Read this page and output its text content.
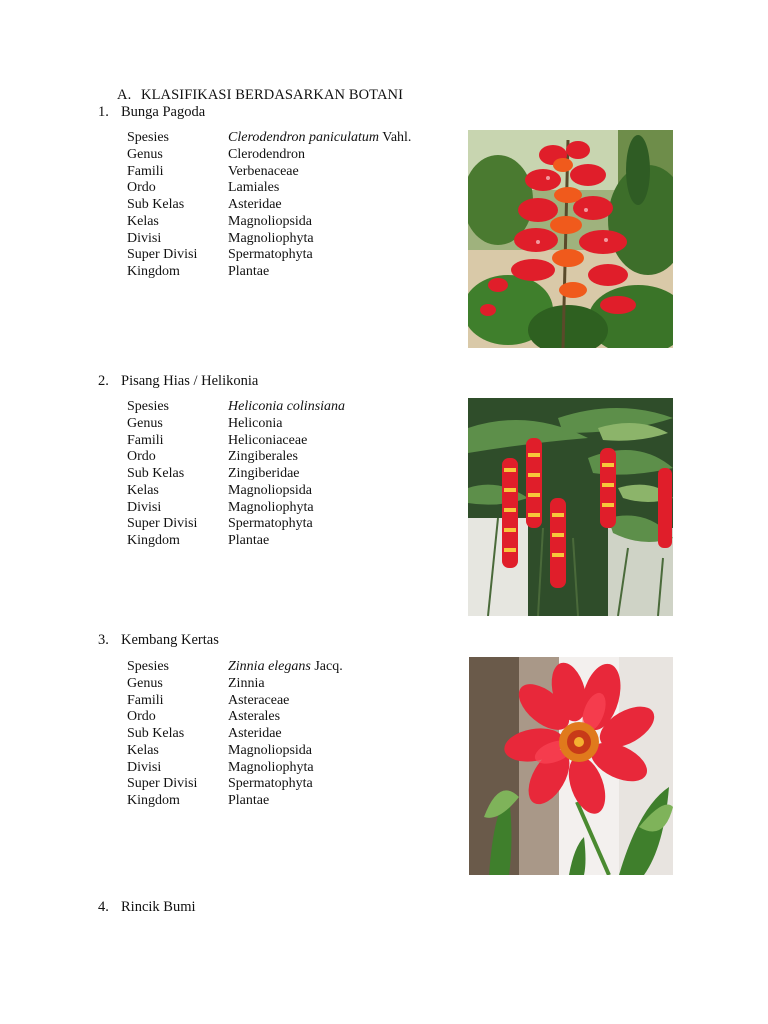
A. KLASIFIKASI BERDASARKAN BOTANI
1. Bunga Pagoda
Spesies	Clerodendron paniculatum Vahl.
Genus	Clerodendron
Famili	Verbenaceae
Ordo	Lamiales
Sub Kelas	Asteridae
Kelas	Magnoliopsida
Divisi	Magnoliophyta
Super Divisi	Spermatophyta
Kingdom	Plantae
2. Pisang Hias / Helikonia
Spesies	Heliconia colinsiana
Genus	Heliconia
Famili	Heliconiaceae
Ordo	Zingiberales
Sub Kelas	Zingiberidae
Kelas	Magnoliopsida
Divisi	Magnoliophyta
Super Divisi	Spermatophyta
Kingdom	Plantae
3. Kembang Kertas
Spesies	Zinnia elegans Jacq.
Genus	Zinnia
Famili	Asteraceae
Ordo	Asterales
Sub Kelas	Asteridae
Kelas	Magnoliopsida
Divisi	Magnoliophyta
Super Divisi	Spermatophyta
Kingdom	Plantae
4. Rincik Bumi
